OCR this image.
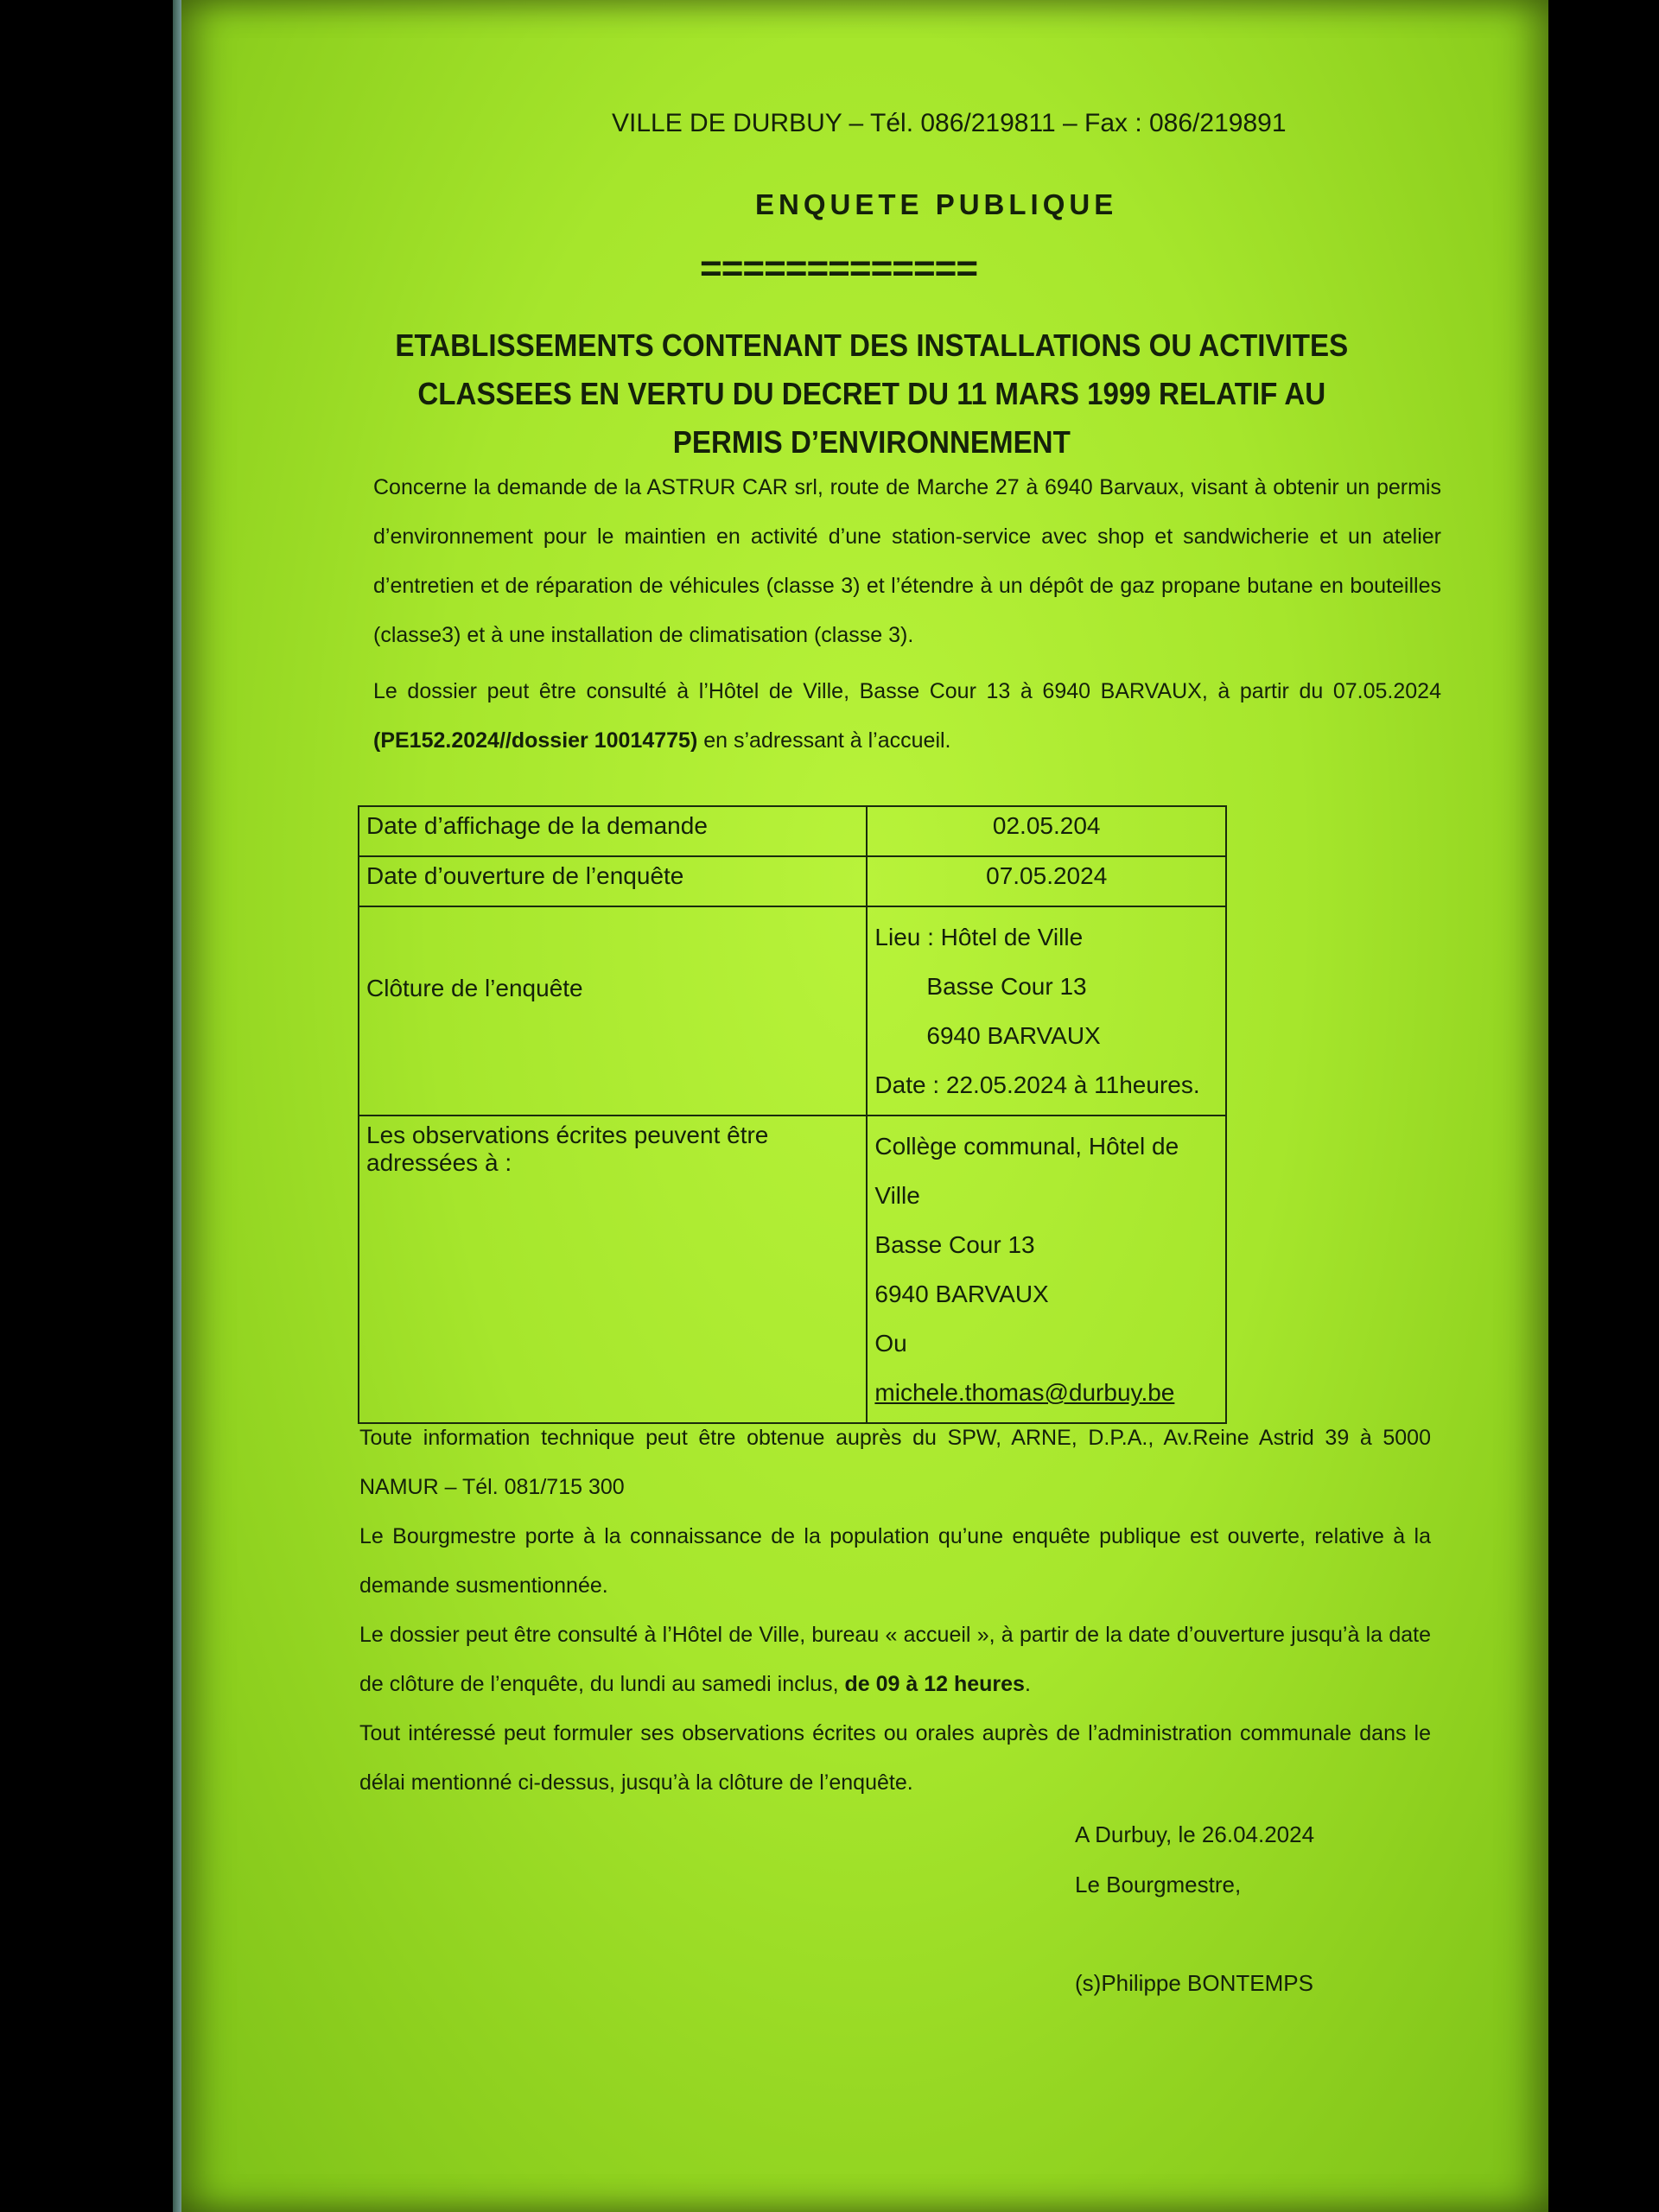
VILLE DE DURBUY – Tél. 086/219811 – Fax : 086/219891
ENQUETE PUBLIQUE
=============
ETABLISSEMENTS CONTENANT DES INSTALLATIONS OU ACTIVITES CLASSEES EN VERTU DU DECRET DU 11 MARS 1999 RELATIF AU PERMIS D’ENVIRONNEMENT
Concerne la demande de la ASTRUR CAR srl, route de Marche 27 à 6940 Barvaux, visant à obtenir un permis d’environnement pour le maintien en activité d’une station-service avec shop et sandwicherie et un atelier d’entretien et de réparation de véhicules (classe 3) et l’étendre à un dépôt de gaz propane butane en bouteilles (classe3) et à une installation de climatisation (classe 3).
Le dossier peut être consulté à l’Hôtel de Ville, Basse Cour 13 à 6940 BARVAUX, à partir du 07.05.2024 (PE152.2024//dossier 10014775) en s’adressant à l’accueil.
Date d’affichage de la demande	02.05.204
Date d’ouverture de l’enquête	07.05.2024
Clôture de l’enquête	Lieu : Hôtel de Ville
Basse Cour 13
6940 BARVAUX
Date : 22.05.2024 à 11heures.

Les observations écrites peuvent être adressées à :	Collège communal, Hôtel de Ville
Basse Cour 13
6940 BARVAUX
Ou
michele.thomas@durbuy.be
Toute information technique peut être obtenue auprès du SPW, ARNE, D.P.A., Av.Reine Astrid 39 à 5000 NAMUR – Tél. 081/715 300
Le Bourgmestre porte à la connaissance de la population qu’une enquête publique est ouverte, relative à la demande susmentionnée.
Le dossier peut être consulté à l’Hôtel de Ville, bureau « accueil », à partir de la date d’ouverture jusqu’à la date de clôture de l’enquête, du lundi au samedi inclus, de 09 à 12 heures.
Tout intéressé peut formuler ses observations écrites ou orales auprès de l’administration communale dans le délai mentionné ci-dessus, jusqu’à la clôture de l’enquête.
A Durbuy, le 26.04.2024
Le Bourgmestre,
(s)Philippe BONTEMPS
